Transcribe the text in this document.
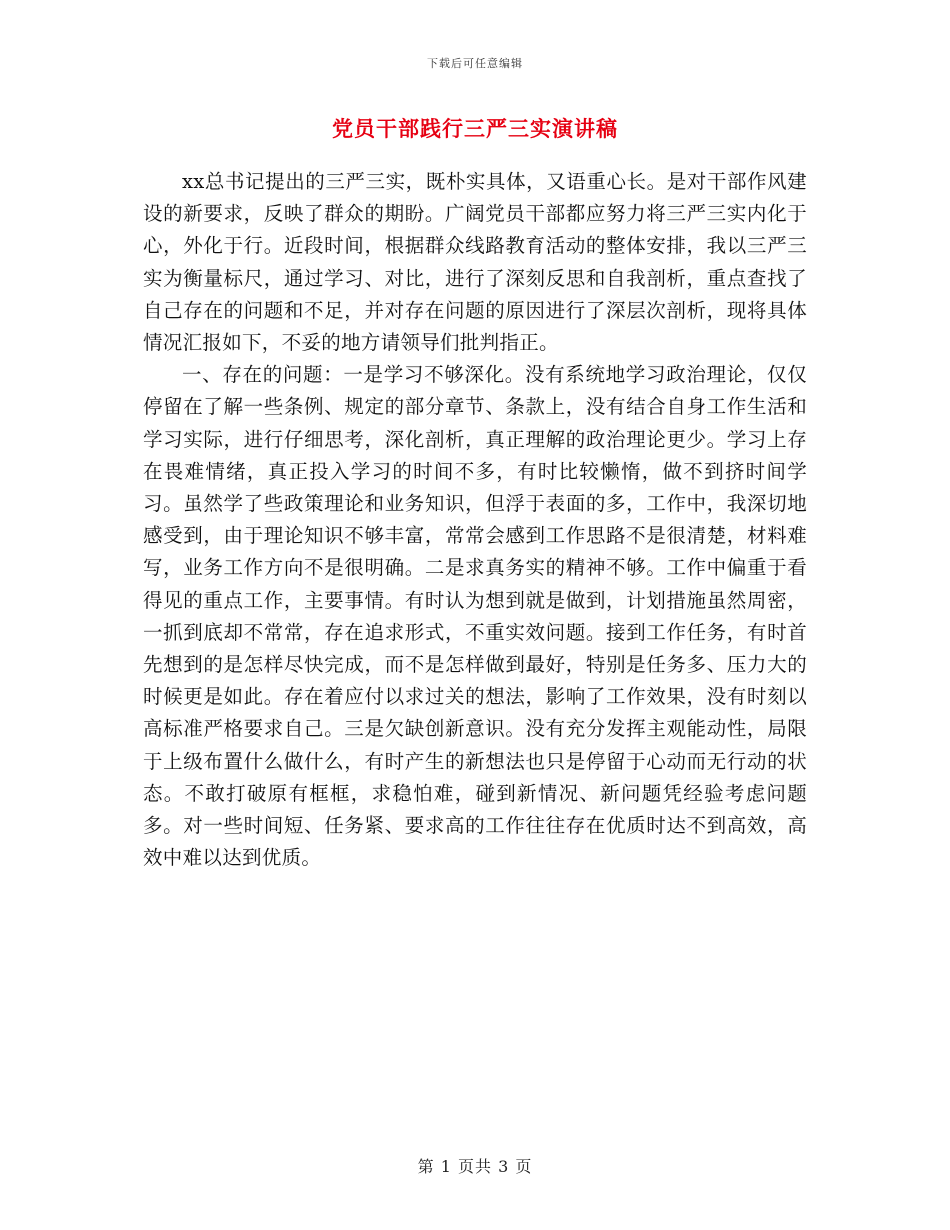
下载后可任意编辑
党员干部践行三严三实演讲稿

xx总书记提出的三严三实，既朴实具体，又语重心长。是对干部作风建设的新要求，反映了群众的期盼。广阔党员干部都应努力将三严三实内化于心，外化于行。近段时间，根据群众线路教育活动的整体安排，我以三严三实为衡量标尺，通过学习、对比，进行了深刻反思和自我剖析，重点查找了自己存在的问题和不足，并对存在问题的原因进行了深层次剖析，现将具体情况汇报如下，不妥的地方请领导们批判指正。

一、存在的问题：一是学习不够深化。没有系统地学习政治理论，仅仅停留在了解一些条例、规定的部分章节、条款上，没有结合自身工作生活和学习实际，进行仔细思考，深化剖析，真正理解的政治理论更少。学习上存在畏难情绪，真正投入学习的时间不多，有时比较懒惰，做不到挤时间学习。虽然学了些政策理论和业务知识，但浮于表面的多，工作中，我深切地感受到，由于理论知识不够丰富，常常会感到工作思路不是很清楚，材料难写，业务工作方向不是很明确。二是求真务实的精神不够。工作中偏重于看得见的重点工作，主要事情。有时认为想到就是做到，计划措施虽然周密，一抓到底却不常常，存在追求形式，不重实效问题。接到工作任务，有时首先想到的是怎样尽快完成，而不是怎样做到最好，特别是任务多、压力大的时候更是如此。存在着应付以求过关的想法，影响了工作效果，没有时刻以高标准严格要求自己。三是欠缺创新意识。没有充分发挥主观能动性，局限于上级布置什么做什么，有时产生的新想法也只是停留于心动而无行动的状态。不敢打破原有框框，求稳怕难，碰到新情况、新问题凭经验考虑问题多。对一些时间短、任务紧、要求高的工作往往存在优质时达不到高效，高效中难以达到优质。

第 1 页共 3 页
